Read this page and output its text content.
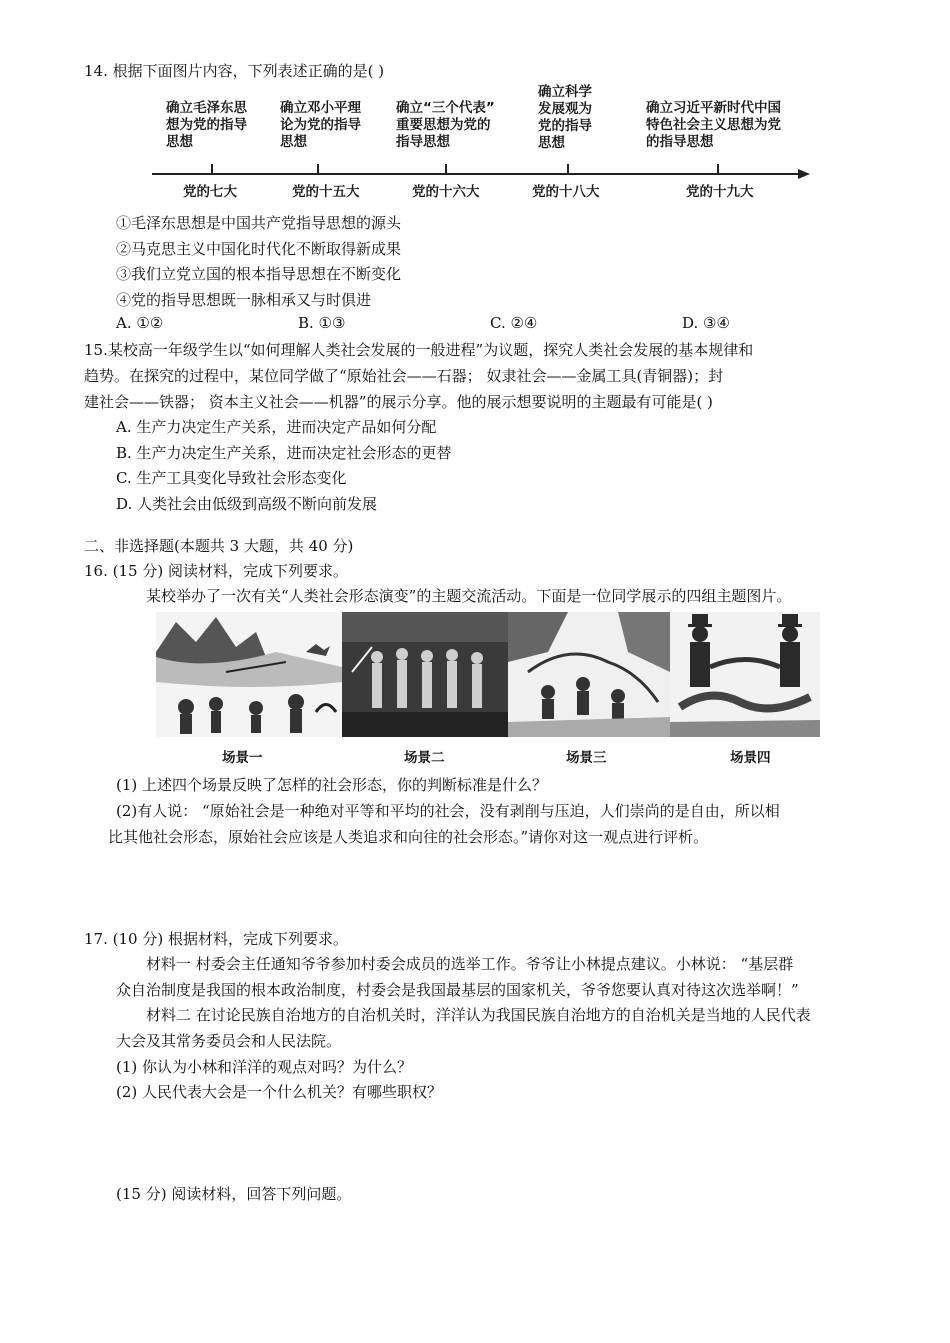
14. 根据下面图片内容，下列表述正确的是( )
确立毛泽东思
想为党的指导
思想
确立邓小平理
论为党的指导
思想
确立“三个代表”
重要思想为党的
指导思想
确立科学
发展观为
党的指导
思想
确立习近平新时代中国
特色社会主义思想为党
的指导思想
党的七大	党的十五大	党的十六大	党的十八大	党的十九大
①毛泽东思想是中国共产党指导思想的源头
②马克思主义中国化时代化不断取得新成果
③我们立党立国的根本指导思想在不断变化
④党的指导思想既一脉相承又与时俱进
A. ①②	B. ①③	C. ②④	D. ③④
15.某校高一年级学生以“如何理解人类社会发展的一般进程”为议题，探究人类社会发展的基本规律和
趋势。在探究的过程中，某位同学做了“原始社会——石器； 奴隶社会——金属工具(青铜器)；封
建社会——铁器； 资本主义社会——机器”的展示分享。他的展示想要说明的主题最有可能是( )
A. 生产力决定生产关系，进而决定产品如何分配
B. 生产力决定生产关系，进而决定社会形态的更替
C. 生产工具变化导致社会形态变化
D. 人类社会由低级到高级不断向前发展
二、非选择题(本题共 3 大题，共 40 分)
16. (15 分) 阅读材料，完成下列要求。
某校举办了一次有关“人类社会形态演变”的主题交流活动。下面是一位同学展示的四组主题图片。
场景一	场景二	场景三	场景四
(1) 上述四个场景反映了怎样的社会形态，你的判断标准是什么？
(2)有人说： “原始社会是一种绝对平等和平均的社会，没有剥削与压迫，人们崇尚的是自由，所以相
比其他社会形态，原始社会应该是人类追求和向往的社会形态。”请你对这一观点进行评析。
17. (10 分) 根据材料，完成下列要求。
材料一 村委会主任通知爷爷参加村委会成员的选举工作。爷爷让小林提点建议。小林说： “基层群
众自治制度是我国的根本政治制度，村委会是我国最基层的国家机关，爷爷您要认真对待这次选举啊！”
材料二 在讨论民族自治地方的自治机关时，洋洋认为我国民族自治地方的自治机关是当地的人民代表
大会及其常务委员会和人民法院。
(1) 你认为小林和洋洋的观点对吗？为什么？
(2) 人民代表大会是一个什么机关？有哪些职权？
(15 分) 阅读材料，回答下列问题。
